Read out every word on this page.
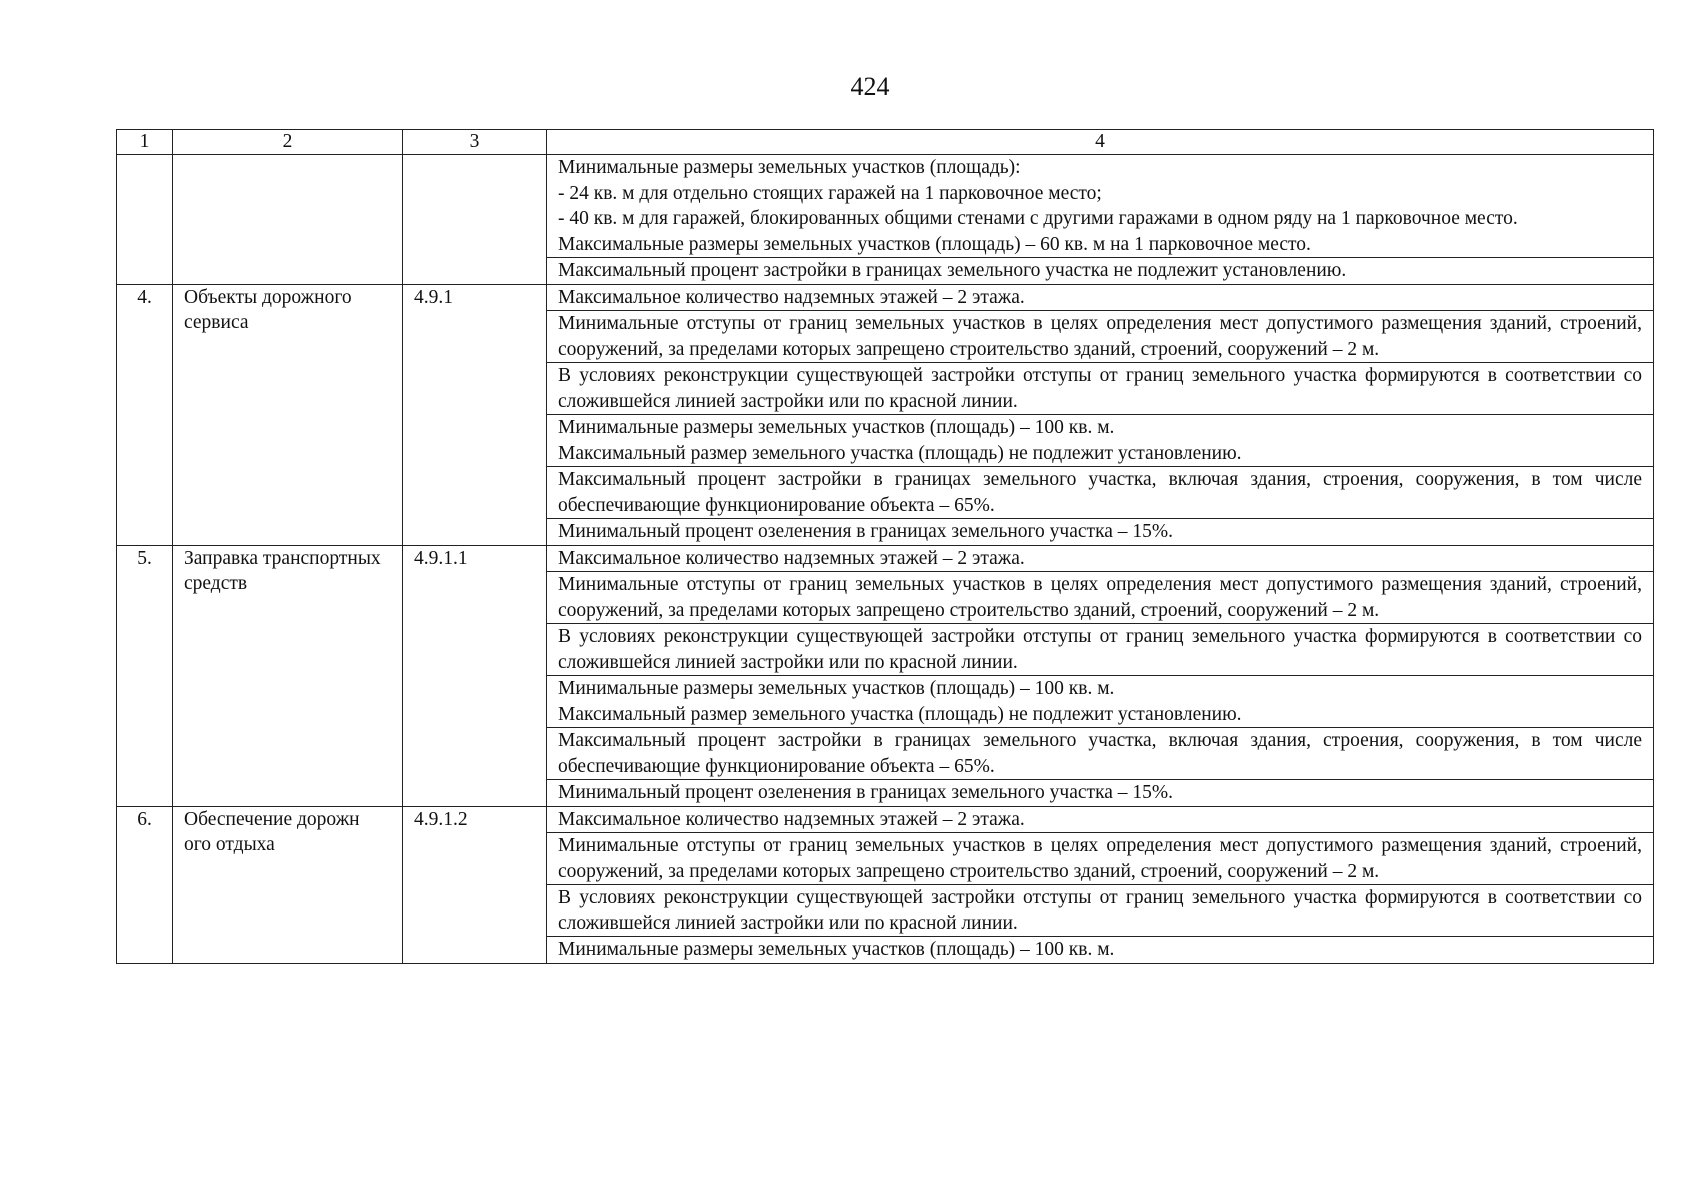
424
1	2	3	4

			Минимальные размеры земельных участков (площадь):
- 24 кв. м для отдельно стоящих гаражей на 1 парковочное место;
- 40 кв. м для гаражей, блокированных общими стенами с другими гаражами в одном ряду на 1 парковочное место.
Максимальные размеры земельных участков (площадь) – 60 кв. м на 1 парковочное место.

			Максимальный процент застройки в границах земельного участка не подлежит установлению.

4.	Объекты дорожного сервиса	4.9.1	Максимальное количество надземных этажей – 2 этажа.

			Минимальные отступы от границ земельных участков в целях определения мест допустимого размещения зданий, строений, сооружений, за пределами которых запрещено строительство зданий, строений, сооружений – 2 м.

			В условиях реконструкции существующей застройки отступы от границ земельного участка формируются в соответствии со сложившейся линией застройки или по красной линии.

			Минимальные размеры земельных участков (площадь) – 100 кв. м.
Максимальный размер земельного участка (площадь) не подлежит установлению.

			Максимальный процент застройки в границах земельного участка, включая здания, строения, сооружения, в том числе обеспечивающие функционирование объекта – 65%.

			Минимальный процент озеленения в границах земельного участка – 15%.

5.	Заправка транспортных средств	4.9.1.1	Максимальное количество надземных этажей – 2 этажа.

			Минимальные отступы от границ земельных участков в целях определения мест допустимого размещения зданий, строений, сооружений, за пределами которых запрещено строительство зданий, строений, сооружений – 2 м.

			В условиях реконструкции существующей застройки отступы от границ земельного участка формируются в соответствии со сложившейся линией застройки или по красной линии.

			Минимальные размеры земельных участков (площадь) – 100 кв. м.
Максимальный размер земельного участка (площадь) не подлежит установлению.

			Максимальный процент застройки в границах земельного участка, включая здания, строения, сооружения, в том числе обеспечивающие функционирование объекта – 65%.

			Минимальный процент озеленения в границах земельного участка – 15%.

6.	Обеспечение дорожн ого отдыха	4.9.1.2	Максимальное количество надземных этажей – 2 этажа.

			Минимальные отступы от границ земельных участков в целях определения мест допустимого размещения зданий, строений, сооружений, за пределами которых запрещено строительство зданий, строений, сооружений – 2 м.

			В условиях реконструкции существующей застройки отступы от границ земельного участка формируются в соответствии со сложившейся линией застройки или по красной линии.

			Минимальные размеры земельных участков (площадь) – 100 кв. м.
